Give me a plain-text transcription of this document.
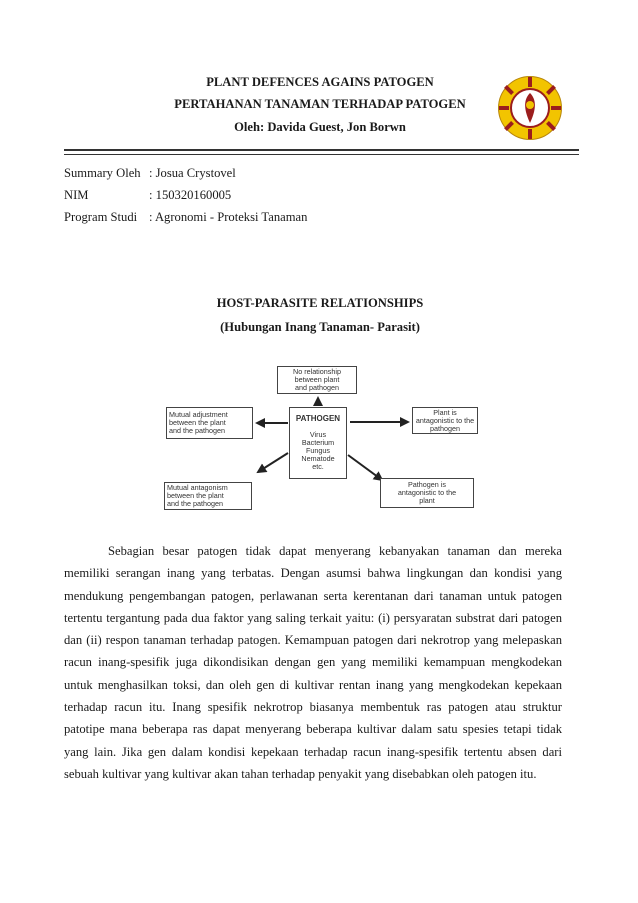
PLANT DEFENCES AGAINS PATOGEN
PERTAHANAN TANAMAN TERHADAP PATOGEN
Oleh: Davida Guest, Jon Borwn
Summary Oleh : Josua Crystovel
NIM	: 150320160005
Program Studi : Agronomi - Proteksi Tanaman
HOST-PARASITE RELATIONSHIPS
(Hubungan Inang Tanaman- Parasit)
No relationship
between plant
and pathogen
Mutual adjustment
between the plant
and the pathogen

PATHOGEN

Virus
Bacterium
Fungus
Nematode
etc.

Plant is
antagonistic to the
pathogen
Mutual antagonism
between the plant
and the pathogen
Pathogen is
antagonistic to the
plant

Sebagian besar patogen tidak dapat menyerang kebanyakan tanaman dan mereka memiliki serangan inang yang terbatas. Dengan asumsi bahwa lingkungan dan kondisi yang mendukung pengembangan patogen, perlawanan serta kerentanan dari tanaman untuk patogen tertentu tergantung pada dua faktor yang saling terkait yaitu: (i) persyaratan substrat dari patogen dan (ii) respon tanaman terhadap patogen. Kemampuan patogen dari nekrotrop yang melepaskan racun inang-spesifik juga dikondisikan dengan gen yang memiliki kemampuan mengkodekan untuk menghasilkan toksi, dan oleh gen di kultivar rentan inang yang mengkodekan kepekaan terhadap racun itu. Inang spesifik nekrotrop biasanya membentuk ras patogen atau struktur patotipe mana beberapa ras dapat menyerang beberapa kultivar dalam satu spesies tetapi tidak yang lain. Jika gen dalam kondisi kepekaan terhadap racun inang-spesifik tertentu absen dari sebuah kultivar yang kultivar akan tahan terhadap penyakit yang disebabkan oleh patogen itu.
